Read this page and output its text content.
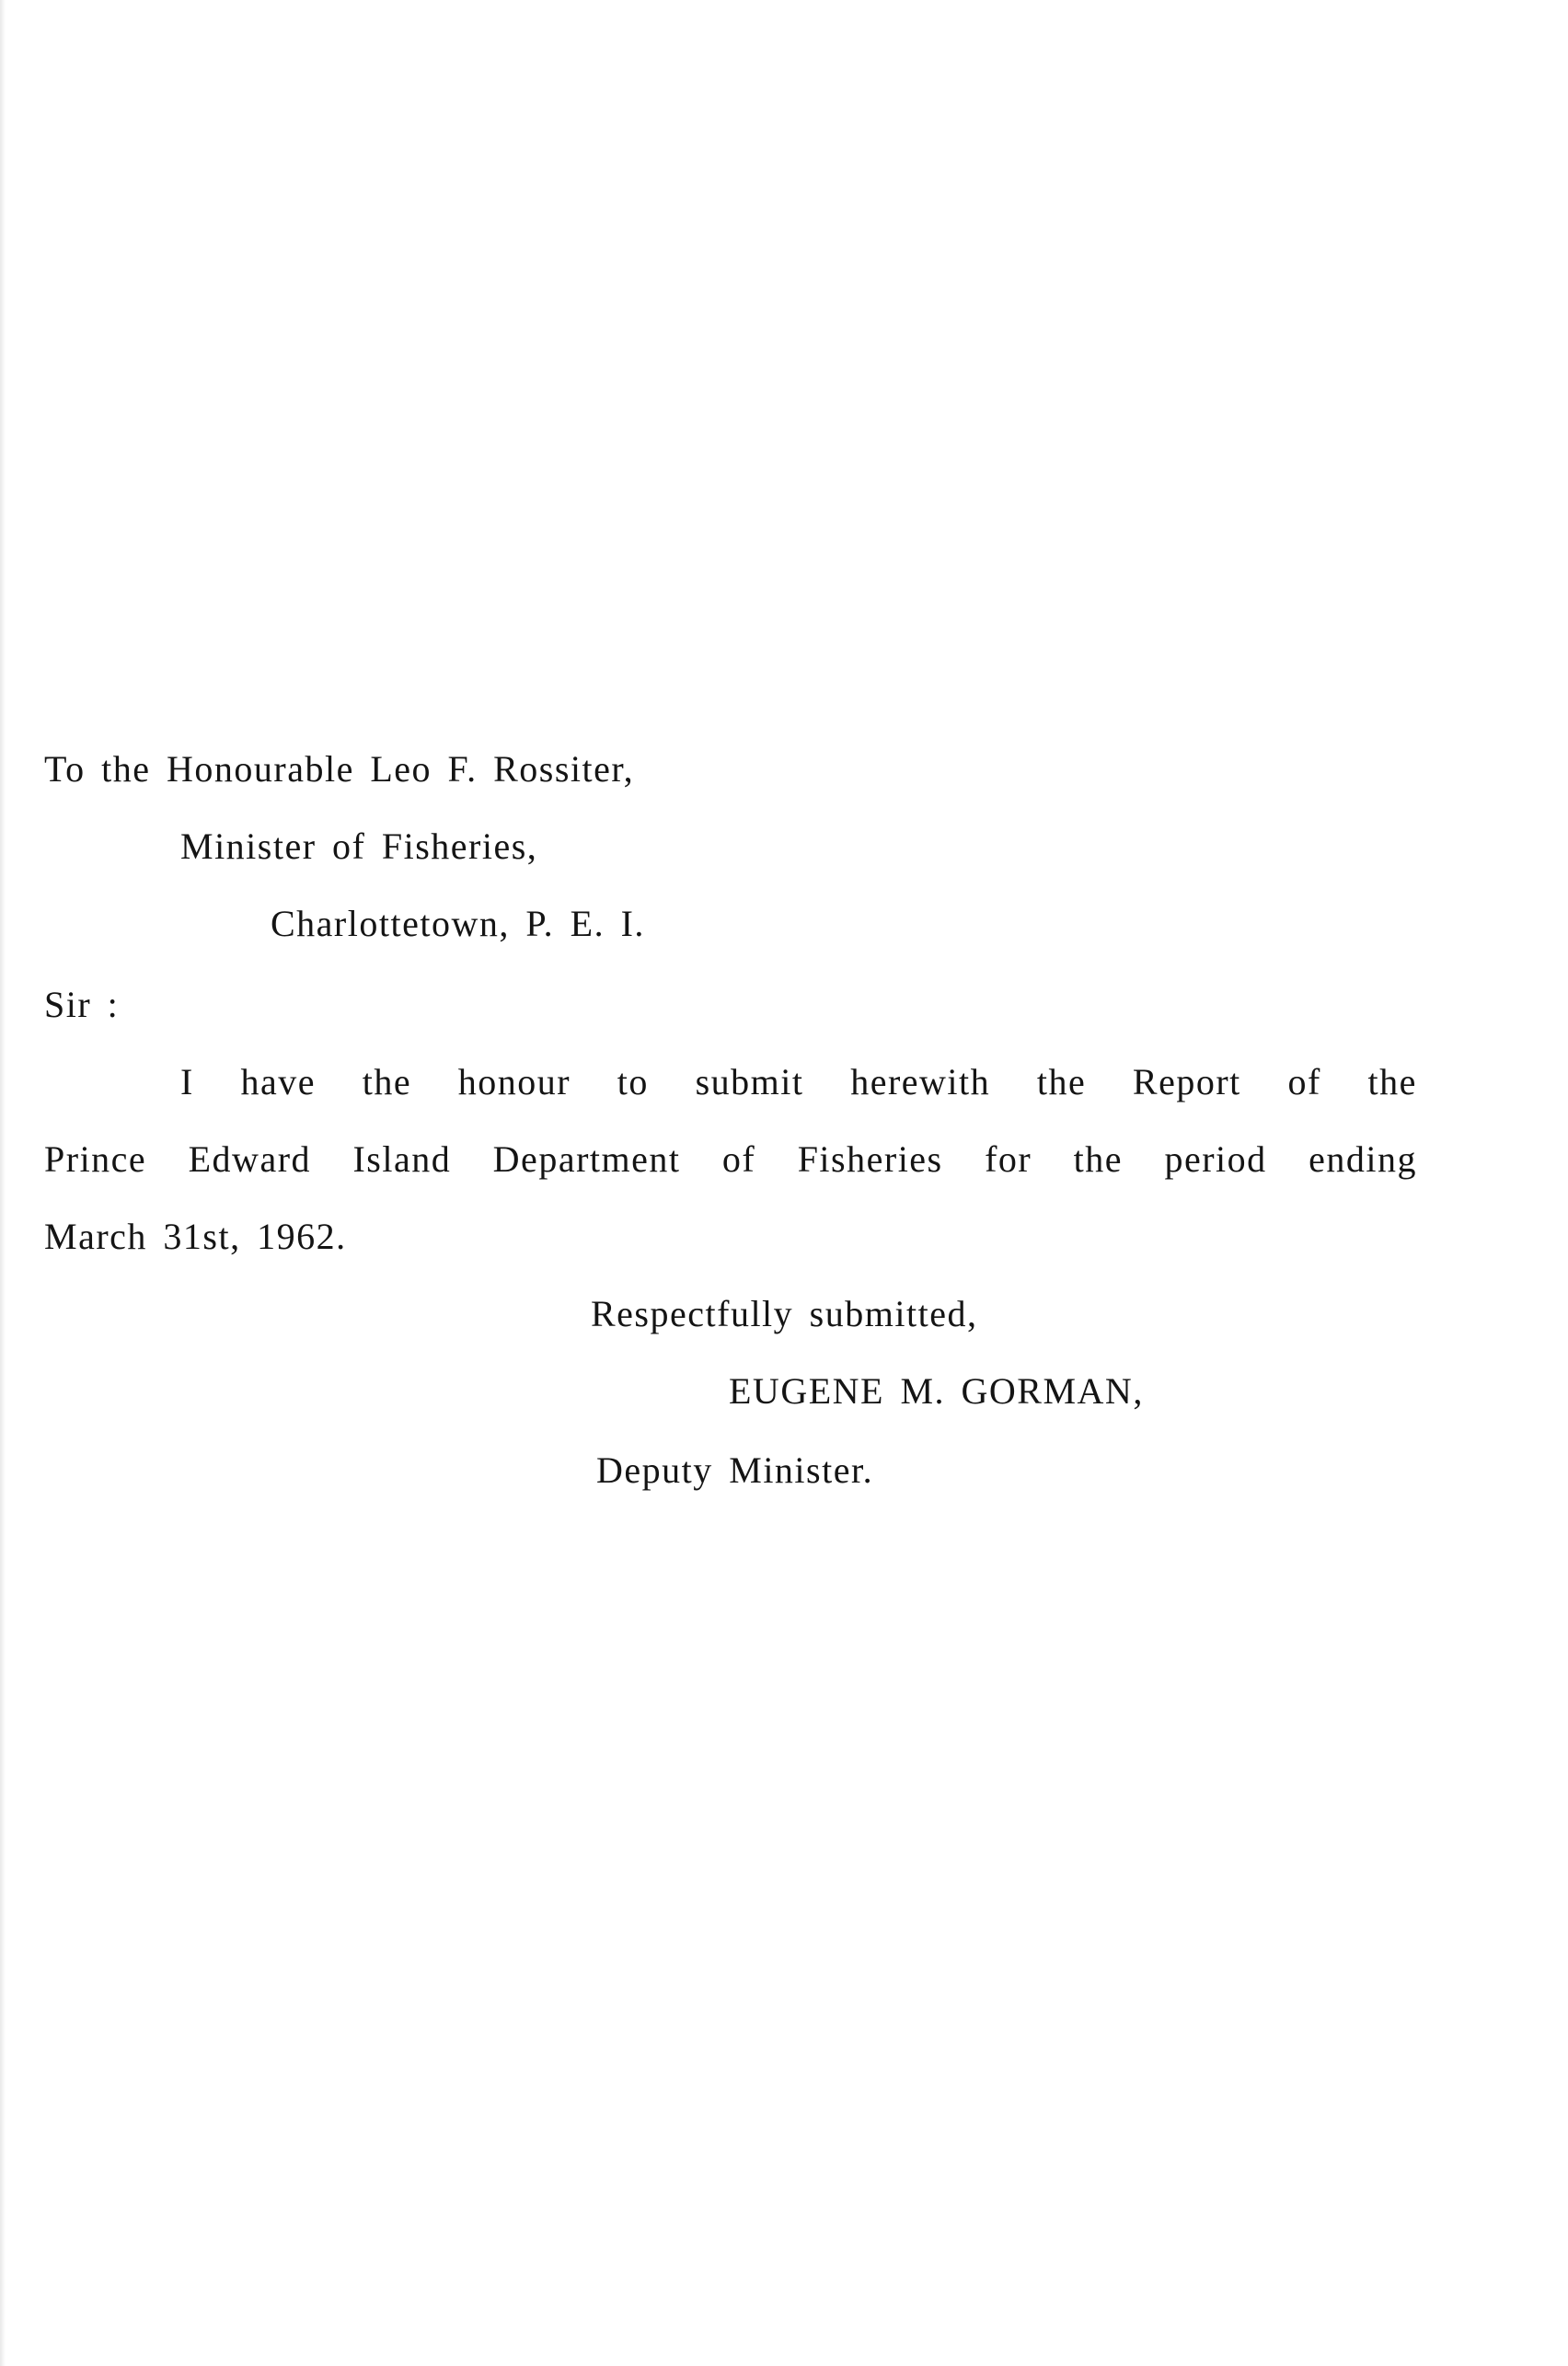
To the Honourable Leo F. Rossiter,
Minister of Fisheries,
Charlottetown, P. E. I.
Sir :
I have the honour to submit herewith the Report of the
Prince Edward Island Department of Fisheries for the period ending
March 31st, 1962.
Respectfully submitted,
EUGENE M. GORMAN,
Deputy Minister.
